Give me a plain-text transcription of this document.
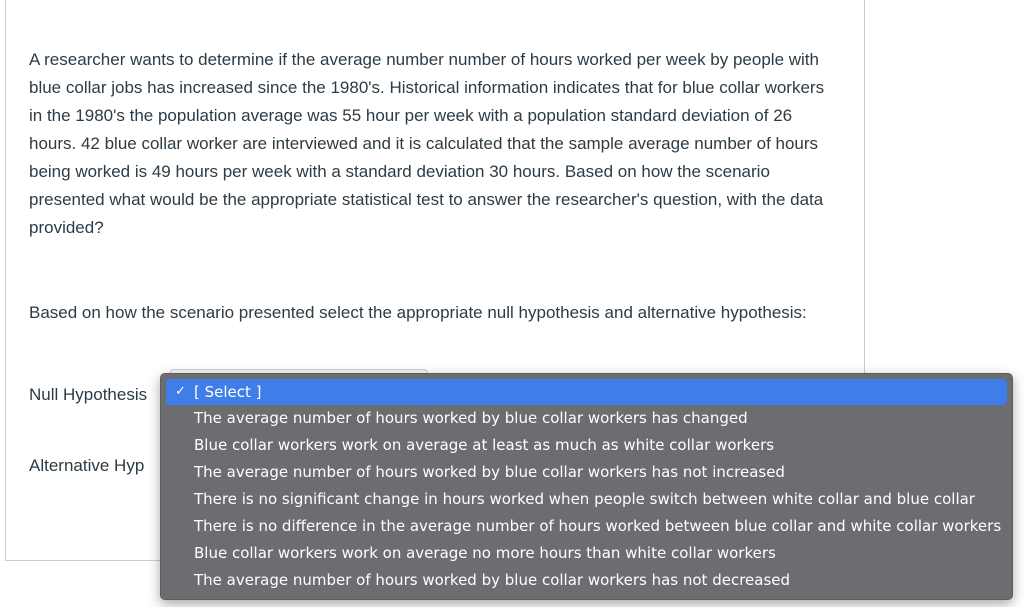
A researcher wants to determine if the average number number of hours worked per week by people with blue collar jobs has increased since the 1980's. Historical information indicates that for blue collar workers in the 1980's the population average was 55 hour per week with a population standard deviation of 26 hours. 42 blue collar worker are interviewed and it is calculated that the sample average number of hours being worked is 49 hours per week with a standard deviation 30 hours. Based on how the scenario presented what would be the appropriate statistical test to answer the researcher's question, with the data provided?
Based on how the scenario presented select the appropriate null hypothesis and alternative hypothesis:
Null Hypothesis
Alternative Hyp
✓ [ Select ]
The average number of hours worked by blue collar workers has changed
Blue collar workers work on average at least as much as white collar workers
The average number of hours worked by blue collar workers has not increased
There is no significant change in hours worked when people switch between white collar and blue collar
There is no difference in the average number of hours worked between blue collar and white collar workers
Blue collar workers work on average no more hours than white collar workers
The average number of hours worked by blue collar workers has not decreased
